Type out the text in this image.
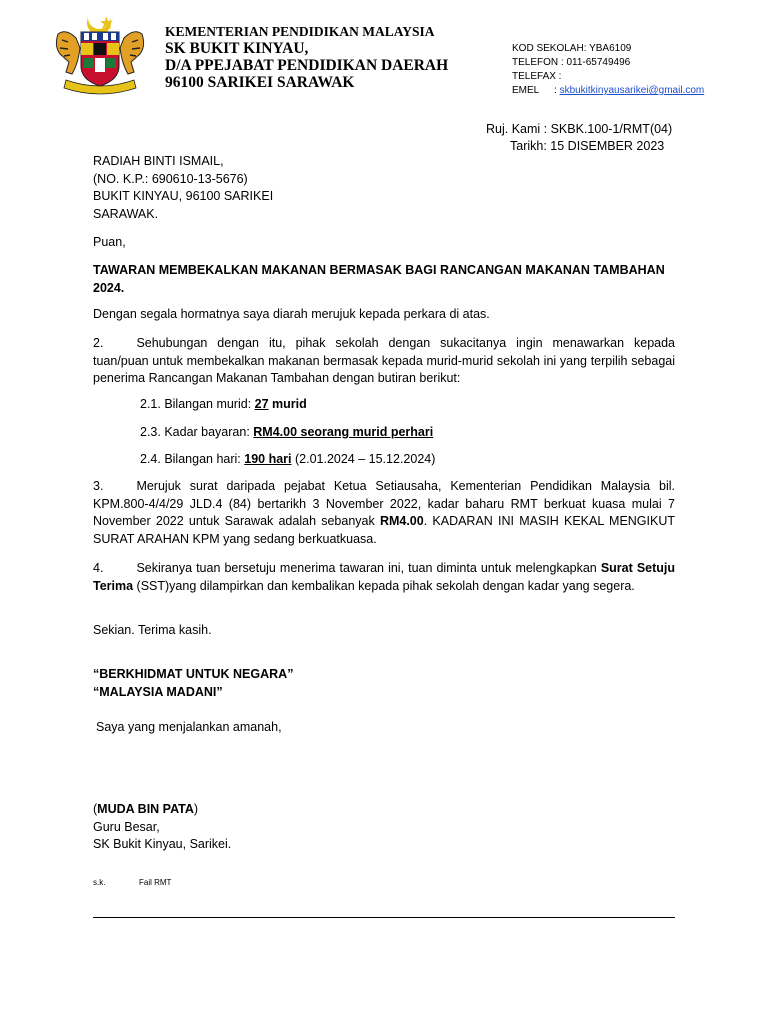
KEMENTERIAN PENDIDIKAN MALAYSIA
SK BUKIT KINYAU,
D/A PPEJABAT PENDIDIKAN DAERAH
96100 SARIKEI SARAWAK
KOD SEKOLAH: YBA6109
TELEFON : 011-65749496
TELEFAX :
EMEL : skbukitkinyausarikei@gmail.com
Ruj. Kami : SKBK.100-1/RMT(04)
Tarikh: 15 DISEMBER 2023
RADIAH BINTI ISMAIL,
(NO. K.P.: 690610-13-5676)
BUKIT KINYAU, 96100 SARIKEI
SARAWAK.
Puan,
TAWARAN MEMBEKALKAN MAKANAN BERMASAK BAGI RANCANGAN MAKANAN TAMBAHAN 2024.
Dengan segala hormatnya saya diarah merujuk kepada perkara di atas.
2.	Sehubungan dengan itu, pihak sekolah dengan sukacitanya ingin menawarkan kepada tuan/puan untuk membekalkan makanan bermasak kepada murid-murid sekolah ini yang terpilih sebagai penerima Rancangan Makanan Tambahan dengan butiran berikut:
2.1. Bilangan murid: 27 murid
2.3. Kadar bayaran: RM4.00 seorang murid perhari
2.4. Bilangan hari: 190 hari (2.01.2024 – 15.12.2024)
3.	Merujuk surat daripada pejabat Ketua Setiausaha, Kementerian Pendidikan Malaysia bil. KPM.800-4/4/29 JLD.4 (84) bertarikh 3 November 2022, kadar baharu RMT berkuat kuasa mulai 7 November 2022 untuk Sarawak adalah sebanyak RM4.00. KADARAN INI MASIH KEKAL MENGIKUT SURAT ARAHAN KPM yang sedang berkuatkuasa.
4.	Sekiranya tuan bersetuju menerima tawaran ini, tuan diminta untuk melengkapkan Surat Setuju Terima (SST)yang dilampirkan dan kembalikan kepada pihak sekolah dengan kadar yang segera.
Sekian. Terima kasih.
“BERKHIDMAT UNTUK NEGARA”
“MALAYSIA MADANI”
Saya yang menjalankan amanah,
(MUDA BIN PATA)
Guru Besar,
SK Bukit Kinyau, Sarikei.
s.k.	Fail RMT
